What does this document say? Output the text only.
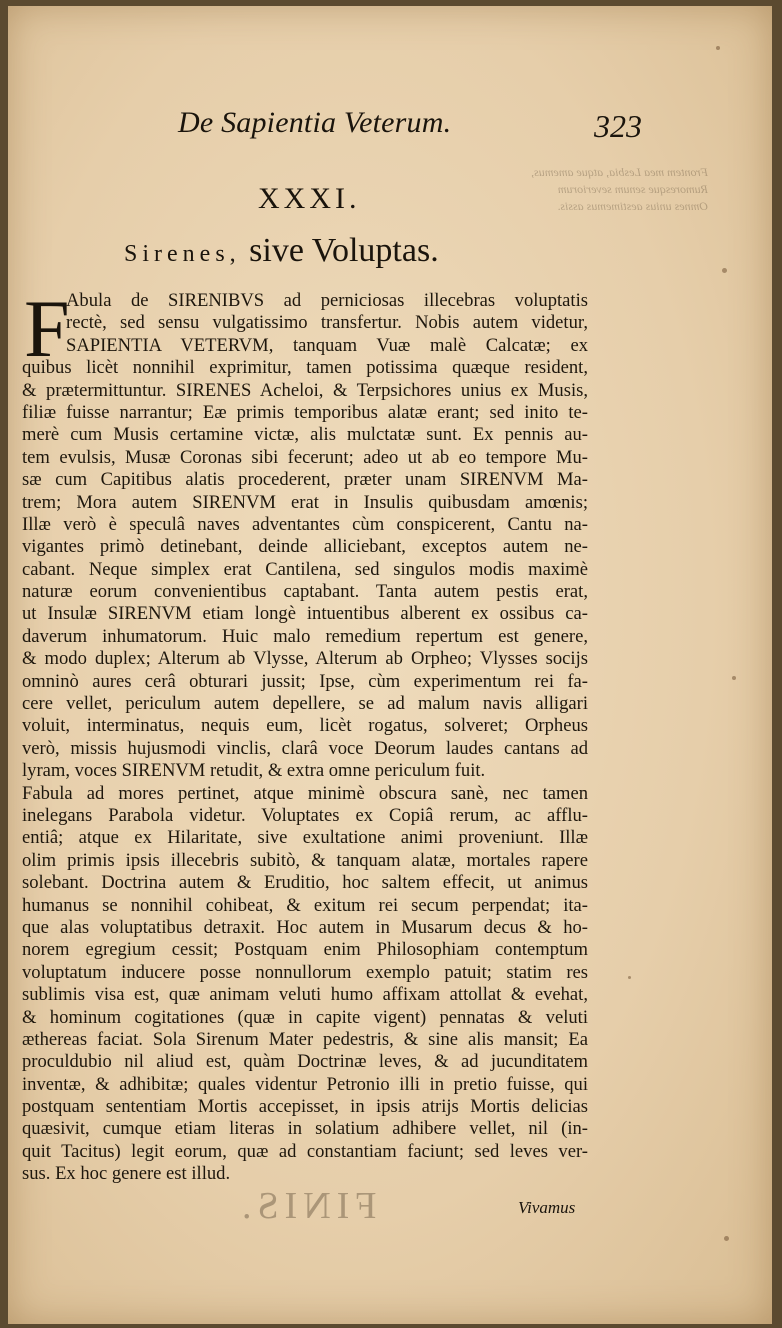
De Sapientia Veterum.	323
Frontem mea Lesbia, atque amemus,
Rumoresque senum severiorum
Omnes unius aestimemus assis.
XXXI.
Sirenes, sive Voluptas.
F
Abula de SIRENIBVS ad perniciosas illecebras voluptatis
rectè, sed sensu vulgatissimo transfertur. Nobis autem videtur,
SAPIENTIA VETERVM, tanquam Vuæ malè Calcatæ; ex
quibus licèt nonnihil exprimitur, tamen potissima quæque resident,
& prætermittuntur. SIRENES Acheloi, & Terpsichores unius ex Musis,
filiæ fuisse narrantur; Eæ primis temporibus alatæ erant; sed inito te-
merè cum Musis certamine victæ, alis mulctatæ sunt. Ex pennis au-
tem evulsis, Musæ Coronas sibi fecerunt; adeo ut ab eo tempore Mu-
sæ cum Capitibus alatis procederent, præter unam SIRENVM Ma-
trem; Mora autem SIRENVM erat in Insulis quibusdam amœnis;
Illæ verò è speculâ naves adventantes cùm conspicerent, Cantu na-
vigantes primò detinebant, deinde alliciebant, exceptos autem ne-
cabant. Neque simplex erat Cantilena, sed singulos modis maximè
naturæ eorum convenientibus captabant. Tanta autem pestis erat,
ut Insulæ SIRENVM etiam longè intuentibus alberent ex ossibus ca-
daverum inhumatorum. Huic malo remedium repertum est genere,
& modo duplex; Alterum ab Vlysse, Alterum ab Orpheo; Vlysses socijs
omninò aures cerâ obturari jussit; Ipse, cùm experimentum rei fa-
cere vellet, periculum autem depellere, se ad malum navis alligari
voluit, interminatus, nequis eum, licèt rogatus, solveret; Orpheus
verò, missis hujusmodi vinclis, clarâ voce Deorum laudes cantans ad
lyram, voces SIRENVM retudit, & extra omne periculum fuit.
Fabula ad mores pertinet, atque minimè obscura sanè, nec tamen
inelegans Parabola videtur. Voluptates ex Copiâ rerum, ac afflu-
entiâ; atque ex Hilaritate, sive exultatione animi proveniunt. Illæ
olim primis ipsis illecebris subitò, & tanquam alatæ, mortales rapere
solebant. Doctrina autem & Eruditio, hoc saltem effecit, ut animus
humanus se nonnihil cohibeat, & exitum rei secum perpendat; ita-
que alas voluptatibus detraxit. Hoc autem in Musarum decus & ho-
norem egregium cessit; Postquam enim Philosophiam contemptum
voluptatum inducere posse nonnullorum exemplo patuit; statim res
sublimis visa est, quæ animam veluti humo affixam attollat & evehat,
& hominum cogitationes (quæ in capite vigent) pennatas & veluti
æthereas faciat. Sola Sirenum Mater pedestris, & sine alis mansit; Ea
proculdubio nil aliud est, quàm Doctrinæ leves, & ad jucunditatem
inventæ, & adhibitæ; quales videntur Petronio illi in pretio fuisse, qui
postquam sententiam Mortis accepisset, in ipsis atrijs Mortis delicias
quæsivit, cumque etiam literas in solatium adhibere vellet, nil (in-
quit Tacitus) legit eorum, quæ ad constantiam faciunt; sed leves ver-
sus. Ex hoc genere est illud.
FINIS.	Vivamus
